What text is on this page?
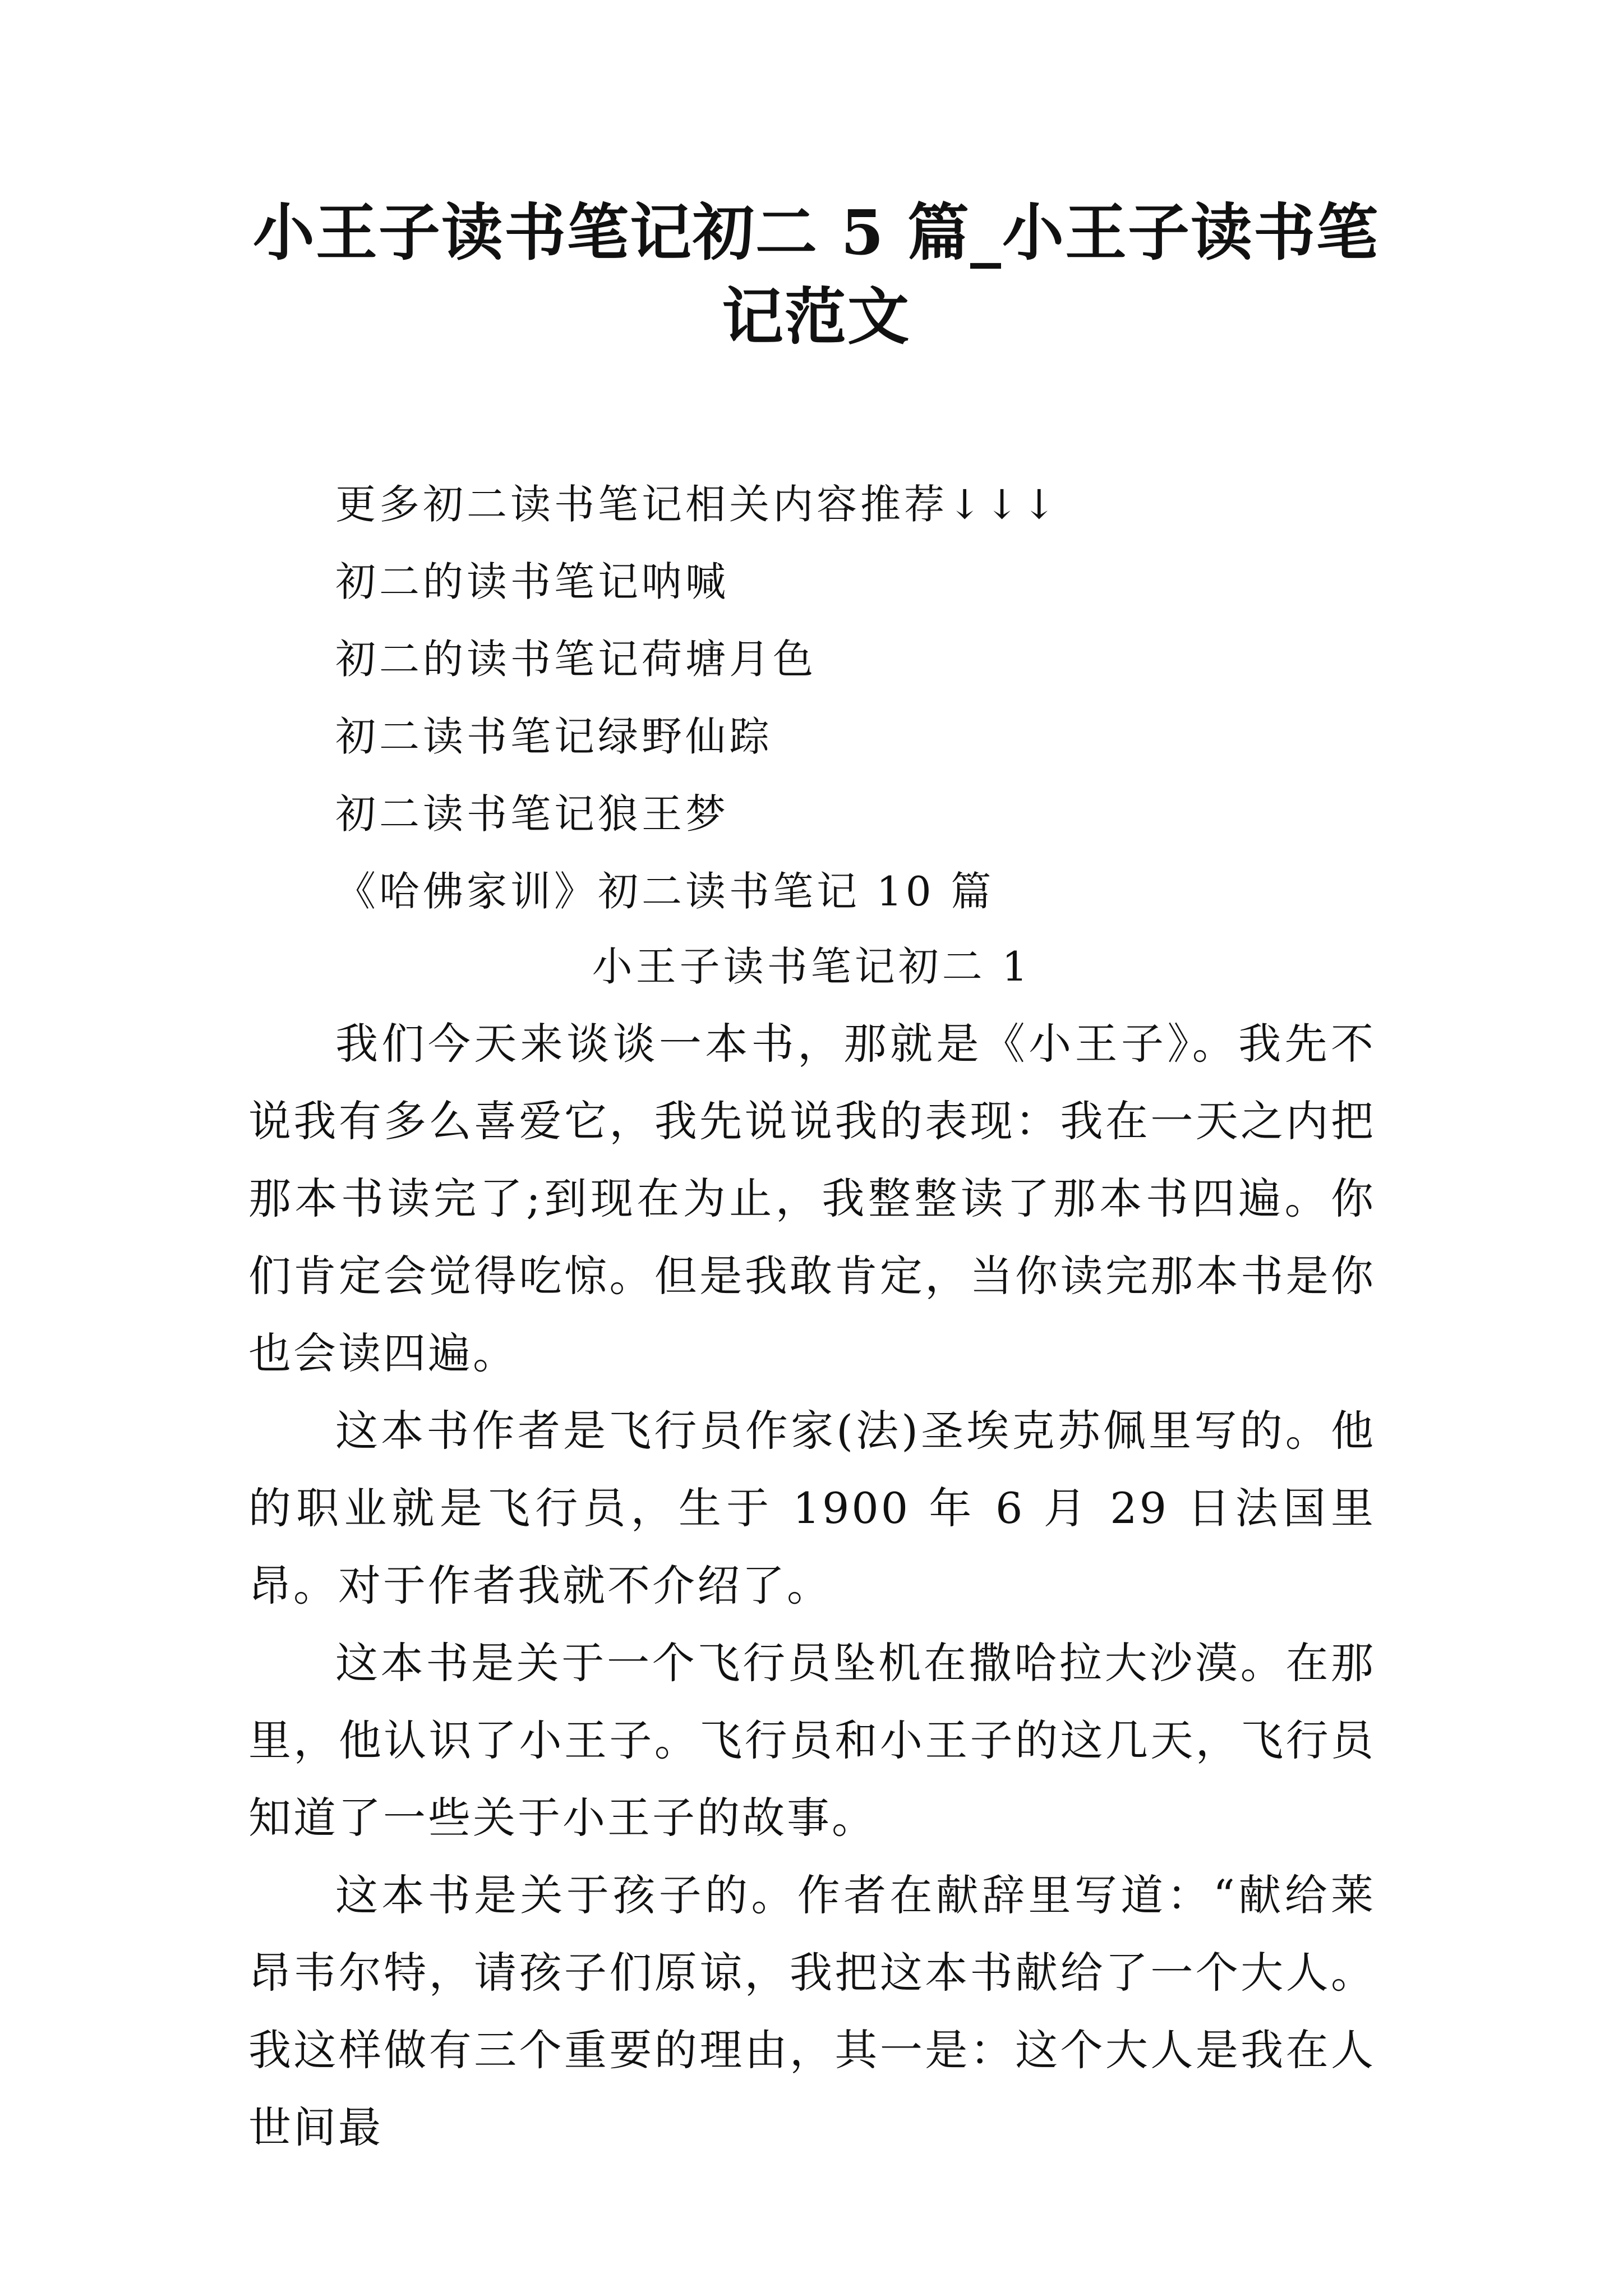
小王子读书笔记初二 5 篇_小王子读书笔记范文
更多初二读书笔记相关内容推荐↓↓↓
初二的读书笔记呐喊
初二的读书笔记荷塘月色
初二读书笔记绿野仙踪
初二读书笔记狼王梦
《哈佛家训》初二读书笔记 10 篇
小王子读书笔记初二 1

我们今天来谈谈一本书，那就是《小王子》。我先不说我有多么喜爱它，我先说说我的表现：我在一天之内把那本书读完了;到现在为止，我整整读了那本书四遍。你们肯定会觉得吃惊。但是我敢肯定，当你读完那本书是你也会读四遍。

这本书作者是飞行员作家(法)圣埃克苏佩里写的。他的职业就是飞行员，生于 1900 年 6 月 29 日法国里昂。对于作者我就不介绍了。

这本书是关于一个飞行员坠机在撒哈拉大沙漠。在那里，他认识了小王子。飞行员和小王子的这几天，飞行员知道了一些关于小王子的故事。

这本书是关于孩子的。作者在献辞里写道：“献给莱昂韦尔特，请孩子们原谅，我把这本书献给了一个大人。我这样做有三个重要的理由，其一是：这个大人是我在人世间最
